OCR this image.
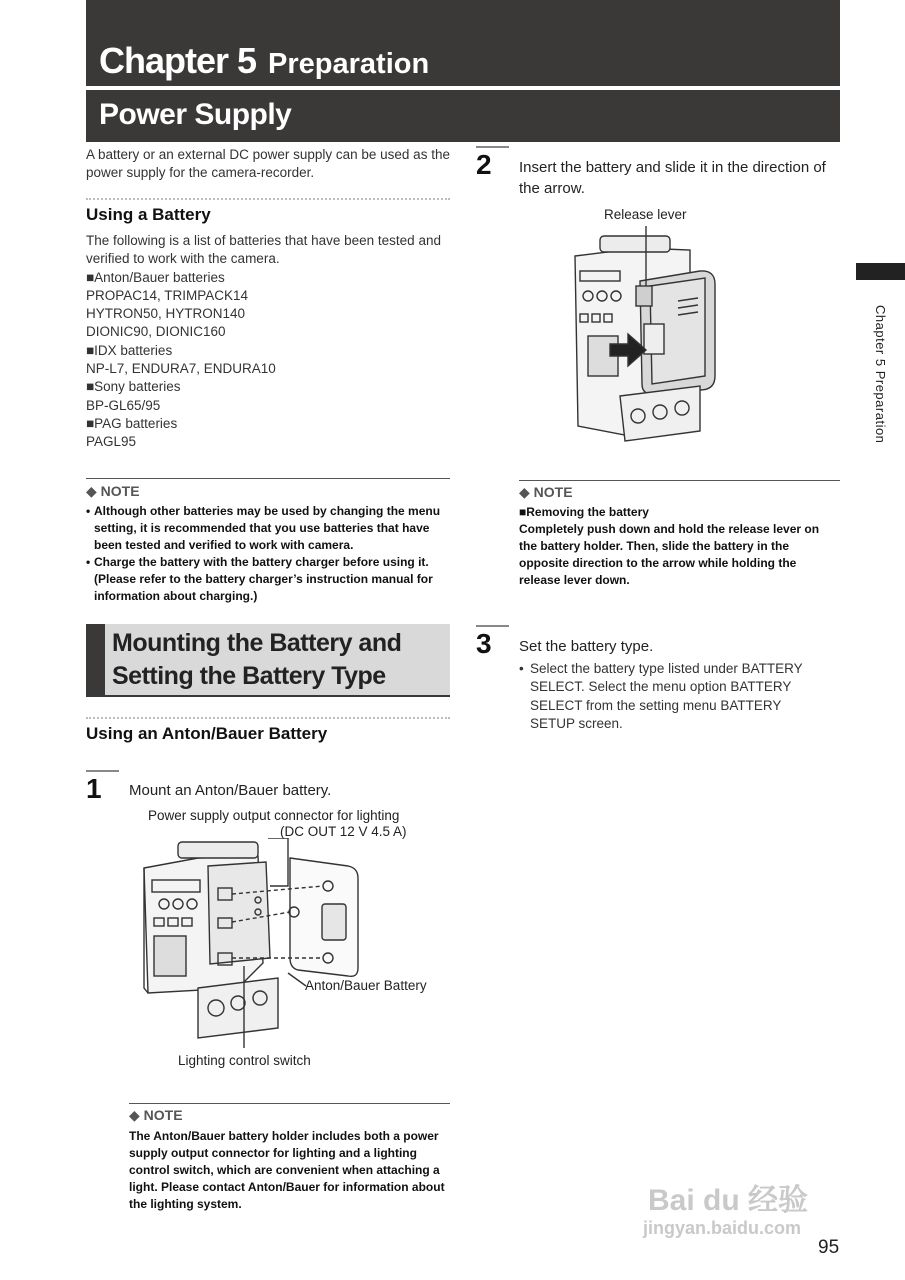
Chapter 5 Preparation
Power Supply
A battery or an external DC power supply can be used as the power supply for the camera-recorder.
Using a Battery
The following is a list of batteries that have been tested and
verified to work with the camera.
■Anton/Bauer batteries
PROPAC14, TRIMPACK14
HYTRON50, HYTRON140
DIONIC90, DIONIC160
■IDX batteries
NP-L7, ENDURA7, ENDURA10
■Sony batteries
BP-GL65/95
■PAG batteries
PAGL95
◆ NOTE
• Although other batteries may be used by changing the menu setting, it is recommended that you use batteries that have been tested and verified to work with camera.
• Charge the battery with the battery charger before using it. (Please refer to the battery charger’s instruction manual for information about charging.)
Mounting the Battery and Setting the Battery Type
Using an Anton/Bauer Battery
1 Mount an Anton/Bauer battery.
Power supply output connector for lighting
(DC OUT 12 V 4.5 A)
Anton/Bauer Battery
Lighting control switch
◆ NOTE
The Anton/Bauer battery holder includes both a power supply output connector for lighting and a lighting control switch, which are convenient when attaching a light. Please contact Anton/Bauer for information about the lighting system.
2 Insert the battery and slide it in the direction of the arrow.
Release lever
◆ NOTE
■Removing the battery
Completely push down and hold the release lever on the battery holder. Then, slide the battery in the opposite direction to the arrow while holding the release lever down.
3 Set the battery type.
• Select the battery type listed under BATTERY SELECT. Select the menu option BATTERY SELECT from the setting menu BATTERY SETUP screen.
Chapter 5 Preparation
Bai du 经验
jingyan.baidu.com
95
